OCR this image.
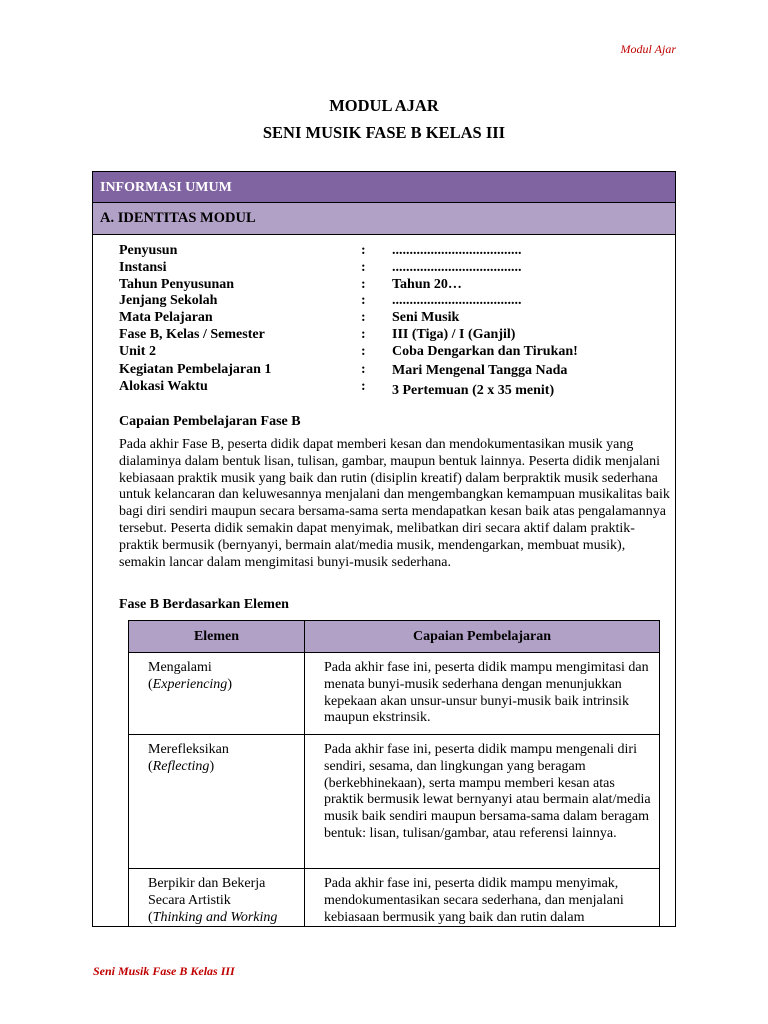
Modul Ajar
MODUL AJAR
SENI MUSIK FASE B KELAS III
INFORMASI UMUM
A. IDENTITAS MODUL
Penyusun	: .....................................
Instansi	: .....................................
Tahun Penyusunan	: Tahun 20…
Jenjang Sekolah	: .....................................
Mata Pelajaran	: Seni Musik
Fase B, Kelas / Semester	: III (Tiga) / I (Ganjil)
Unit 2	: Coba Dengarkan dan Tirukan!
Kegiatan Pembelajaran 1	: Mari Mengenal Tangga Nada
Alokasi Waktu	: 3 Pertemuan (2 x 35 menit)
Capaian Pembelajaran Fase B
Pada akhir Fase B, peserta didik dapat memberi kesan dan mendokumentasikan musik yang dialaminya dalam bentuk lisan, tulisan, gambar, maupun bentuk lainnya. Peserta didik menjalani kebiasaan praktik musik yang baik dan rutin (disiplin kreatif) dalam berpraktik musik sederhana untuk kelancaran dan keluwesannya menjalani dan mengembangkan kemampuan musikalitas baik bagi diri sendiri maupun secara bersama-sama serta mendapatkan kesan baik atas pengalamannya tersebut. Peserta didik semakin dapat menyimak, melibatkan diri secara aktif dalam praktik-praktik bermusik (bernyanyi, bermain alat/media musik, mendengarkan, membuat musik), semakin lancar dalam mengimitasi bunyi-musik sederhana.
Fase B Berdasarkan Elemen
Elemen	Capaian Pembelajaran
Mengalami
(Experiencing)	Pada akhir fase ini, peserta didik mampu mengimitasi dan menata bunyi-musik sederhana dengan menunjukkan kepekaan akan unsur-unsur bunyi-musik baik intrinsik maupun ekstrinsik.
Merefleksikan
(Reflecting)	Pada akhir fase ini, peserta didik mampu mengenali diri sendiri, sesama, dan lingkungan yang beragam (berkebhinekaan), serta mampu memberi kesan atas praktik bermusik lewat bernyanyi atau bermain alat/media musik baik sendiri maupun bersama-sama dalam beragam bentuk: lisan, tulisan/gambar, atau referensi lainnya.
Berpikir dan Bekerja Secara Artistik
(Thinking and Working	Pada akhir fase ini, peserta didik mampu menyimak, mendokumentasikan secara sederhana, dan menjalani kebiasaan bermusik yang baik dan rutin dalam
Seni Musik Fase B Kelas III
